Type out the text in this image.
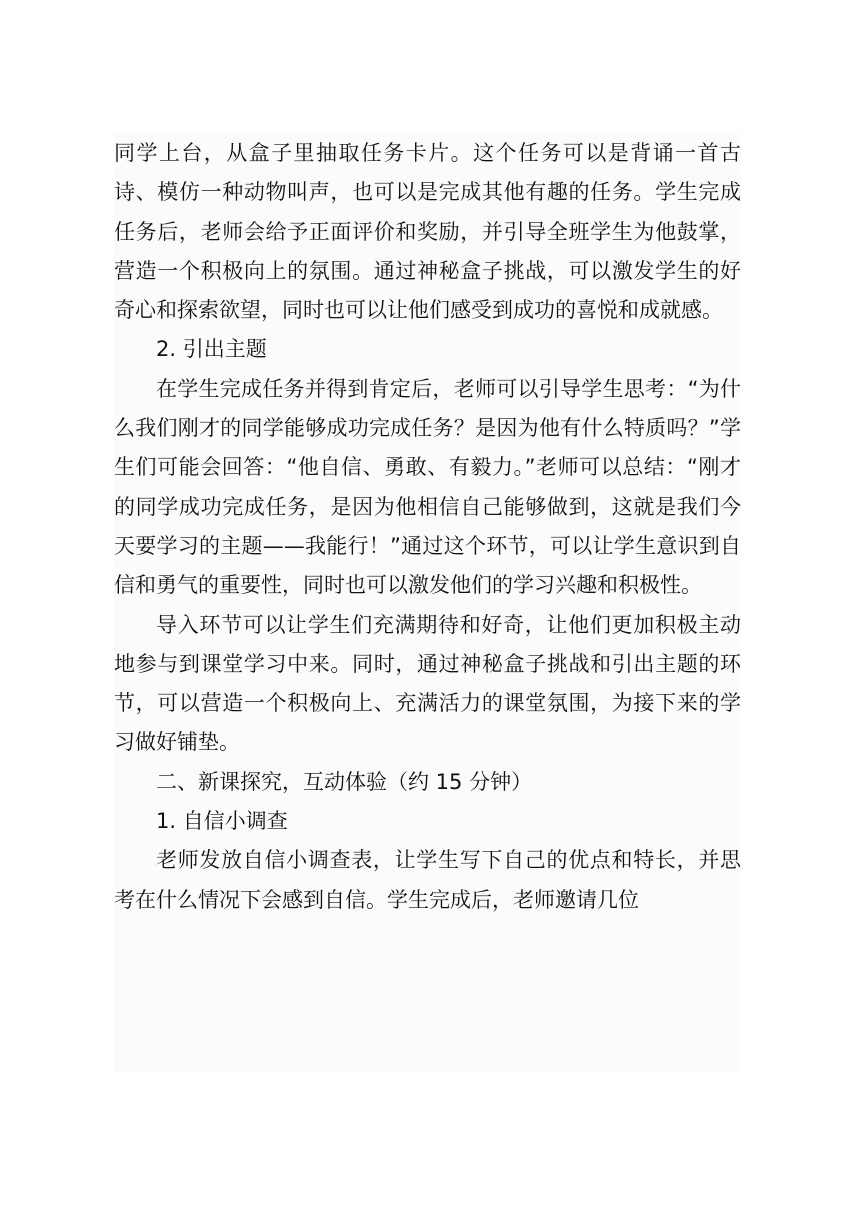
同学上台，从盒子里抽取任务卡片。这个任务可以是背诵一首古诗、模仿一种动物叫声，也可以是完成其他有趣的任务。学生完成任务后，老师会给予正面评价和奖励，并引导全班学生为他鼓掌，营造一个积极向上的氛围。通过神秘盒子挑战，可以激发学生的好奇心和探索欲望，同时也可以让他们感受到成功的喜悦和成就感。

2. 引出主题

在学生完成任务并得到肯定后，老师可以引导学生思考：“为什么我们刚才的同学能够成功完成任务？是因为他有什么特质吗？”学生们可能会回答：“他自信、勇敢、有毅力。”老师可以总结：“刚才的同学成功完成任务，是因为他相信自己能够做到，这就是我们今天要学习的主题——我能行！”通过这个环节，可以让学生意识到自信和勇气的重要性，同时也可以激发他们的学习兴趣和积极性。

导入环节可以让学生们充满期待和好奇，让他们更加积极主动地参与到课堂学习中来。同时，通过神秘盒子挑战和引出主题的环节，可以营造一个积极向上、充满活力的课堂氛围，为接下来的学习做好铺垫。

二、新课探究，互动体验（约 15 分钟）

1. 自信小调查

老师发放自信小调查表，让学生写下自己的优点和特长，并思考在什么情况下会感到自信。学生完成后，老师邀请几位
